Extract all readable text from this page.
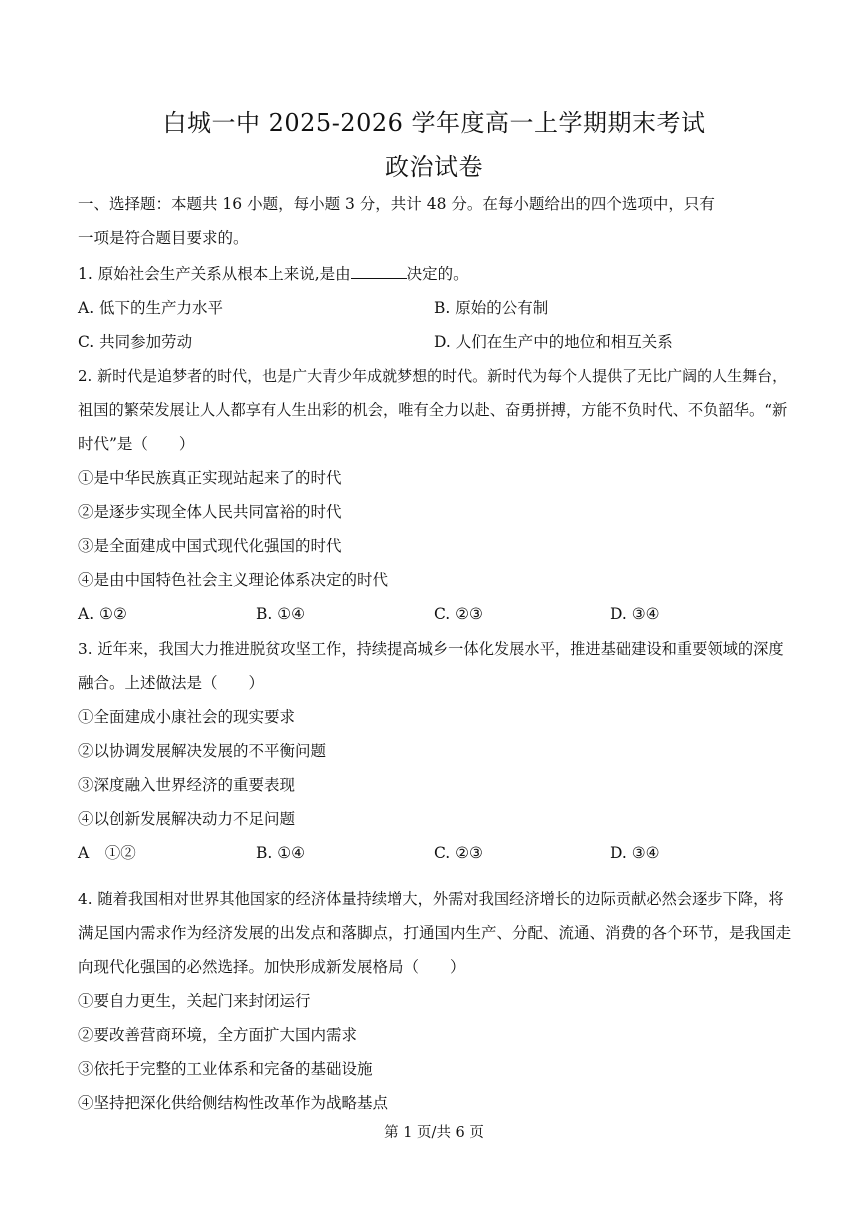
白城一中 2025-2026 学年度高一上学期期末考试
政治试卷
一、选择题：本题共 16 小题，每小题 3 分，共计 48 分。在每小题给出的四个选项中，只有
一项是符合题目要求的。
1. 原始社会生产关系从根本上来说,是由	决定的。
A. 低下的生产力水平	B. 原始的公有制
C. 共同参加劳动	D. 人们在生产中的地位和相互关系
2. 新时代是追梦者的时代，也是广大青少年成就梦想的时代。新时代为每个人提供了无比广阔的人生舞台，
祖国的繁荣发展让人人都享有人生出彩的机会，唯有全力以赴、奋勇拼搏，方能不负时代、不负韶华。“新
时代”是（　　）
①是中华民族真正实现站起来了的时代
②是逐步实现全体人民共同富裕的时代
③是全面建成中国式现代化强国的时代
④是由中国特色社会主义理论体系决定的时代
A. ①②	B. ①④	C. ②③	D. ③④
3. 近年来，我国大力推进脱贫攻坚工作，持续提高城乡一体化发展水平，推进基础建设和重要领域的深度
融合。上述做法是（　　）
①全面建成小康社会的现实要求
②以协调发展解决发展的不平衡问题
③深度融入世界经济的重要表现
④以创新发展解决动力不足问题
A　①②	B. ①④	C. ②③	D. ③④
4. 随着我国相对世界其他国家的经济体量持续增大，外需对我国经济增长的边际贡献必然会逐步下降，将
满足国内需求作为经济发展的出发点和落脚点，打通国内生产、分配、流通、消费的各个环节，是我国走
向现代化强国的必然选择。加快形成新发展格局（　　）
①要自力更生，关起门来封闭运行
②要改善营商环境，全方面扩大国内需求
③依托于完整的工业体系和完备的基础设施
④坚持把深化供给侧结构性改革作为战略基点
第 1 页/共 6 页
